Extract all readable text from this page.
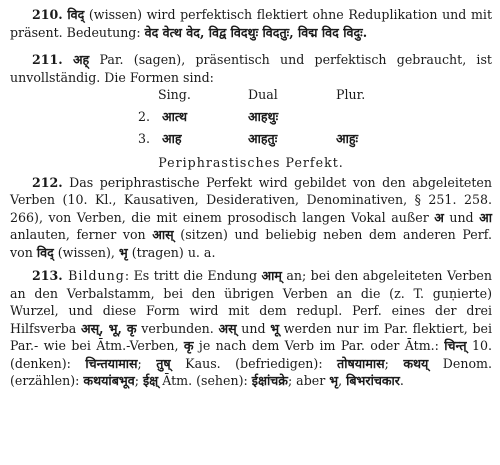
210. विद् (wissen) wird perfektisch flektiert ohne Reduplikation und mit präsent. Bedeutung: वेद वेत्थ वेद, विद्व विदथुः विदतुः, विद्म विद विदुः.

211. अह् Par. (sagen), präsentisch und perfektisch gebraucht, ist unvollständig. Die Formen sind:

Sing.	Dual	Plur.
2. आत्थ	आहथुः
3. आह	आहतुः	आहुः
Periphrastisches Perfekt.

212. Das periphrastische Perfekt wird gebildet von den abgeleiteten Verben (10. Kl., Kausativen, Desiderativen, Denominativen, § 251. 258. 266), von Verben, die mit einem prosodisch langen Vokal außer अ und आ anlauten, ferner von आस् (sitzen) und beliebig neben dem anderen Perf. von विद् (wissen), भृ (tragen) u. a.

213. Bildung: Es tritt die Endung आम् an; bei den abgeleiteten Verben an den Verbalstamm, bei den übrigen Verben an die (z. T. guṇierte) Wurzel, und diese Form wird mit dem redupl. Perf. eines der drei Hilfsverba अस्, भू, कृ verbunden. अस् und भू werden nur im Par. flektiert, bei Par.- wie bei Ātm.-Verben, कृ je nach dem Verb im Par. oder Ātm.: चिन्त् 10. (denken): चिन्तयामास; तुष् Kaus. (befriedigen): तोषयामास; कथय् Denom. (erzählen): कथयांबभूव; ईक्ष् Ātm. (sehen): ईक्षांचक्रे; aber भृ, बिभरांचकार.
